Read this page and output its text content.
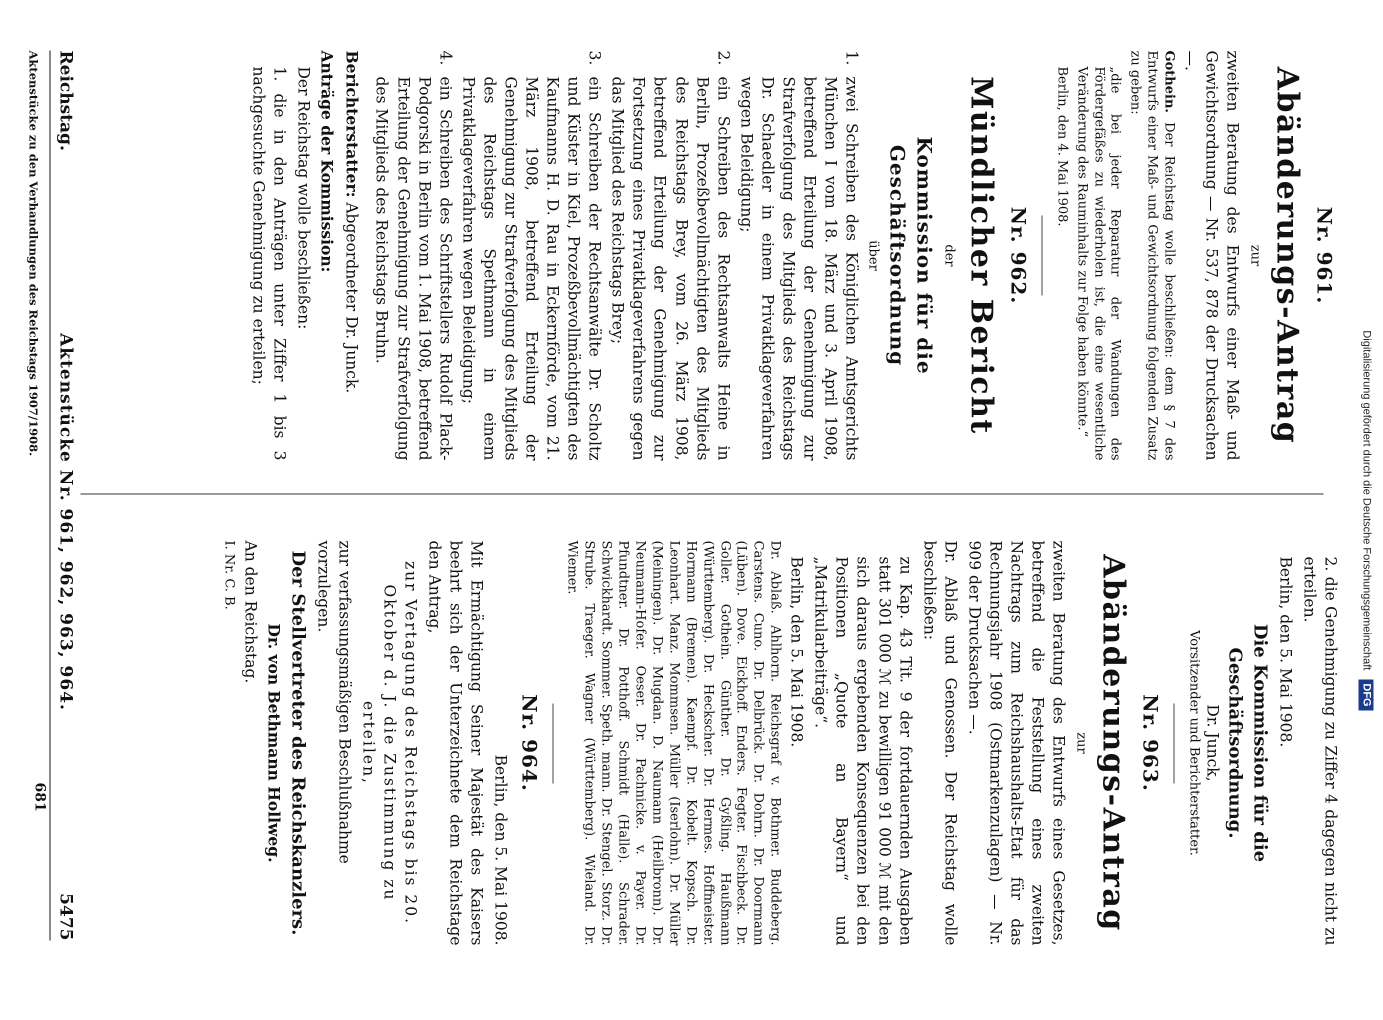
Reichstag.
Aktenstücke Nr. 961, 962, 963, 964.
5475
Nr. 961.
Abänderungs-Antrag
zur

zweiten Beratung des Entwurfs einer Maß- und Gewichtsordnung — Nr. 537, 878 der Drucksachen —.

Gothein. Der Reichstag wolle beschließen: dem § 7 des Entwurfs einer Maß- und Gewichtsordnung folgenden Zusatz zu geben:

„die bei jeder Reparatur der Wandungen des Fördergefäßes zu wiederholen ist, die eine wesentliche Veränderung des Rauminhalts zur Folge haben könnte.“

Berlin, den 4. Mai 1908.

Nr. 962.
Mündlicher Bericht
der
Kommission für die Geschäftsordnung
über
1.
zwei Schreiben des Königlichen Amtsgerichts München I vom 18. März und 3. April 1908, betreffend Erteilung der Genehmigung zur Strafverfolgung des Mitglieds des Reichstags Dr. Schaedler in einem Privatklageverfahren wegen Beleidigung;
2.
ein Schreiben des Rechtsanwalts Heine in Berlin, Prozeßbevollmächtigten des Mitglieds des Reichstags Brey, vom 26. März 1908, betreffend Erteilung der Genehmigung zur Fortsetzung eines Privatklageverfahrens gegen das Mitglied des Reichstags Brey;
3.
ein Schreiben der Rechtsanwälte Dr. Scholtz und Küster in Kiel, Prozeßbevollmächtigten des Kaufmanns H. D. Rau in Eckernförde, vom 21. März 1908, betreffend Erteilung der Genehmigung zur Strafverfolgung des Mitglieds des Reichstags Spethmann in einem Privatklageverfahren wegen Beleidigung;
4.
ein Schreiben des Schriftstellers Rudolf Plack-Podgorski in Berlin vom 1. Mai 1908, betreffend Erteilung der Genehmigung zur Strafverfolgung des Mitglieds des Reichstags Bruhn.

Berichterstatter: Abgeordneter Dr. Junck.

Anträge der Kommission:

Der Reichstag wolle beschließen:

1. die in den Anträgen unter Ziffer 1 bis 3 nachgesuchte Genehmigung zu erteilen;

2. die Genehmigung zu Ziffer 4 dagegen nicht zu erteilen.

Berlin, den 5. Mai 1908.

Die Kommission für die Geschäftsordnung.
Dr. Junck,
Vorsitzender und Berichterstatter.
Nr. 963.
Abänderungs-Antrag
zur

zweiten Beratung des Entwurfs eines Gesetzes, betreffend die Feststellung eines zweiten Nachtrags zum Reichshaushalts-Etat für das Rechnungsjahr 1908 (Ostmarkenzulagen) — Nr. 909 der Drucksachen —.

Dr. Ablaß und Genossen. Der Reichstag wolle beschließen:

zu Kap. 43 Tit. 9 der fortdauernden Ausgaben statt 301 000 ℳ zu bewilligen 91 000 ℳ mit den sich daraus ergebenden Konsequenzen bei den Positionen „Quote an Bayern“ und „Matrikularbeiträge“.

Berlin, den 5. Mai 1908.

Dr. Ablaß. Ahlhorn. Reichsgraf v. Bothmer. Buddeberg. Carstens. Cuno. Dr. Delbrück. Dr. Dohrn. Dr. Doormann (Lüben). Dove. Eickhoff. Enders. Fegter. Fischbeck. Dr. Goller. Gothein. Günther. Dr. Gyßling. Haußmann (Württemberg). Dr. Heckscher. Dr. Hermes. Hoffmeister. Hormann (Bremen). Kaempf. Dr. Kobelt. Kopsch. Dr. Leonhart. Manz. Mommsen. Müller (Iserlohn). Dr. Müller (Meiningen). Dr. Mugdan. D. Naumann (Heilbronn). Dr. Neumann-Hofer. Oeser. Dr. Pachnicke. v. Payer. Dr. Pfundtner. Dr. Potthoff. Schmidt (Halle). Schrader. Schwickhardt. Sommer. Speth. mann. Dr. Stengel. Storz. Dr. Strube. Traeger. Wagner (Württemberg). Wieland. Dr. Wiemer.

Nr. 964.

Berlin, den 5. Mai 1908.

Mit Ermächtigung Seiner Majestät des Kaisers beehrt sich der Unterzeichnete dem Reichstage den Antrag,

zur Vertagung des Reichstags bis 20. Oktober d. J. die Zustimmung zu erteilen,

zur verfassungsmäßigen Beschlußnahme vorzulegen.

Der Stellvertreter des Reichskanzlers.
Dr. von Bethmann Hollweg.

An den Reichstag.

I. Nr. C. B.

681
Aktenstücke zu den Verhandlungen des Reichstags 1907/1908.
Digitalisierung gefördert durch die Deutsche Forschungsgemeinschaft DFG
